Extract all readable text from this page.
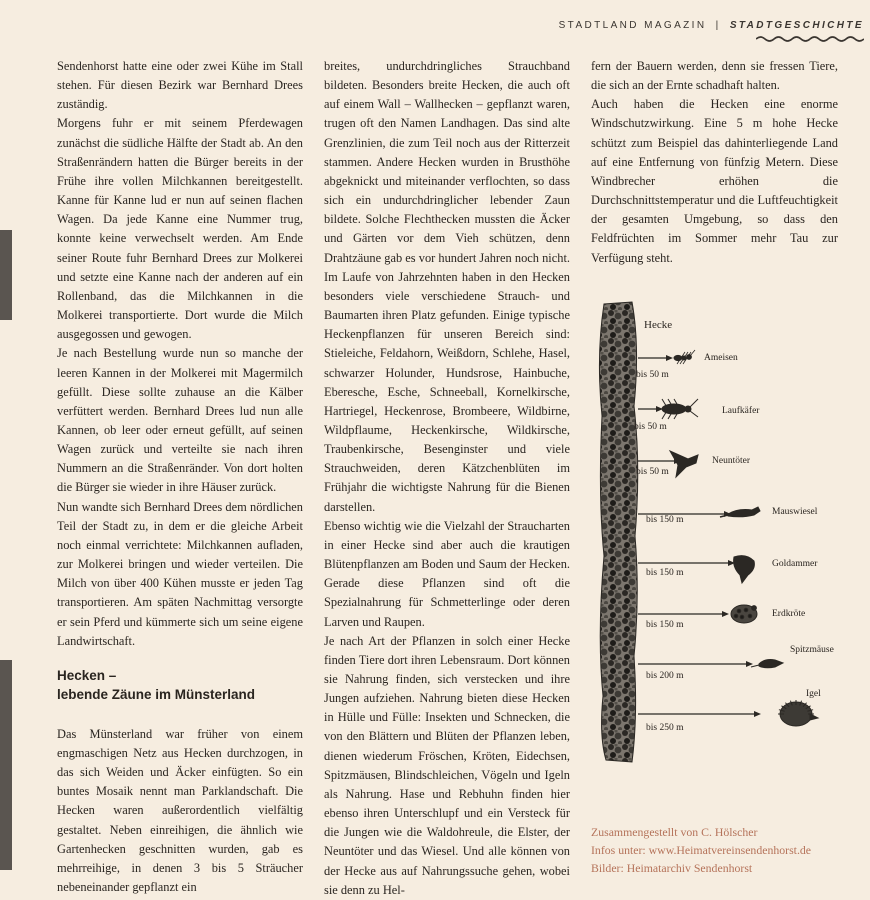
STADTLAND MAGAZIN | STADTGESCHICHTE

Sendenhorst hatte eine oder zwei Kühe im Stall stehen. Für diesen Bezirk war Bernhard Drees zuständig.

Morgens fuhr er mit seinem Pferdewagen zunächst die südliche Hälfte der Stadt ab. An den Straßenrändern hatten die Bürger bereits in der Frühe ihre vollen Milchkannen bereitgestellt. Kanne für Kanne lud er nun auf seinen flachen Wagen. Da jede Kanne eine Nummer trug, konnte keine verwechselt werden. Am Ende seiner Route fuhr Bernhard Drees zur Molkerei und setzte eine Kanne nach der anderen auf ein Rollenband, das die Milchkannen in die Molkerei transportierte. Dort wurde die Milch ausgegossen und gewogen.

Je nach Bestellung wurde nun so manche der leeren Kannen in der Molkerei mit Magermilch gefüllt. Diese sollte zuhause an die Kälber verfüttert werden. Bernhard Drees lud nun alle Kannen, ob leer oder erneut gefüllt, auf seinen Wagen zurück und verteilte sie nach ihren Nummern an die Straßenränder. Von dort holten die Bürger sie wieder in ihre Häuser zurück.

Nun wandte sich Bernhard Drees dem nördlichen Teil der Stadt zu, in dem er die gleiche Arbeit noch einmal verrichtete: Milchkannen aufladen, zur Molkerei bringen und wieder verteilen. Die Milch von über 400 Kühen musste er jeden Tag transportieren. Am späten Nachmittag versorgte er sein Pferd und kümmerte sich um seine eigene Landwirtschaft.

Hecken –
lebende Zäune im Münsterland

Das Münsterland war früher von einem engmaschigen Netz aus Hecken durchzogen, in das sich Weiden und Äcker einfügten. So ein buntes Mosaik nennt man Parklandschaft. Die Hecken waren außerordentlich vielfältig gestaltet. Neben einreihigen, die ähnlich wie Gartenhecken geschnitten wurden, gab es mehrreihige, in denen 3 bis 5 Sträucher nebeneinander gepflanzt ein

breites, undurchdringliches Strauchband bildeten. Besonders breite Hecken, die auch oft auf einem Wall – Wallhecken – gepflanzt waren, trugen oft den Namen Landhagen. Das sind alte Grenzlinien, die zum Teil noch aus der Ritterzeit stammen. Andere Hecken wurden in Brusthöhe abgeknickt und miteinander verflochten, so dass sich ein undurchdringlicher lebender Zaun bildete. Solche Flechthecken mussten die Äcker und Gärten vor dem Vieh schützen, denn Drahtzäune gab es vor hundert Jahren noch nicht. Im Laufe von Jahrzehnten haben in den Hecken besonders viele verschiedene Strauch- und Baumarten ihren Platz gefunden. Einige typische Heckenpflanzen für unseren Bereich sind: Stieleiche, Feldahorn, Weißdorn, Schlehe, Hasel, schwarzer Holunder, Hundsrose, Hainbuche, Eberesche, Esche, Schneeball, Kornelkirsche, Hartriegel, Heckenrose, Brombeere, Wildbirne, Wildpflaume, Heckenkirsche, Wildkirsche, Traubenkirsche, Besenginster und viele Strauchweiden, deren Kätzchenblüten im Frühjahr die wichtigste Nahrung für die Bienen darstellen.

Ebenso wichtig wie die Vielzahl der Straucharten in einer Hecke sind aber auch die krautigen Blütenpflanzen am Boden und Saum der Hecken. Gerade diese Pflanzen sind oft die Spezialnahrung für Schmetterlinge oder deren Larven und Raupen.

Je nach Art der Pflanzen in solch einer Hecke finden Tiere dort ihren Lebensraum. Dort können sie Nahrung finden, sich verstecken und ihre Jungen aufziehen. Nahrung bieten diese Hecken in Hülle und Fülle: Insekten und Schnecken, die von den Blättern und Blüten der Pflanzen leben, dienen wiederum Fröschen, Kröten, Eidechsen, Spitzmäusen, Blindschleichen, Vögeln und Igeln als Nahrung. Hase und Rebhuhn finden hier ebenso ihren Unterschlupf und ein Versteck für die Jungen wie die Waldohreule, die Elster, der Neuntöter und das Wiesel. Und alle können von der Hecke aus auf Nahrungssuche gehen, wobei sie denn zu Hel-

fern der Bauern werden, denn sie fressen Tiere, die sich an der Ernte schadhaft halten.

Auch haben die Hecken eine enorme Windschutzwirkung. Eine 5 m hohe Hecke schützt zum Beispiel das dahinterliegende Land auf eine Entfernung von fünfzig Metern. Diese Windbrecher erhöhen die Durchschnittstemperatur und die Luftfeuchtigkeit der gesamten Umgebung, so dass den Feldfrüchten im Sommer mehr Tau zur Verfügung steht.

Hecke
Ameisen
bis 50 m
Laufkäfer
bis 50 m
Neuntöter
bis 50 m
Mauswiesel
bis 150 m
Goldammer
bis 150 m
Erdkröte
bis 150 m
Spitzmäuse
bis 200 m
Igel
bis 250 m
Zusammengestellt von C. Hölscher
Infos unter: www.Heimatvereinsendenhorst.de
Bilder: Heimatarchiv Sendenhorst
